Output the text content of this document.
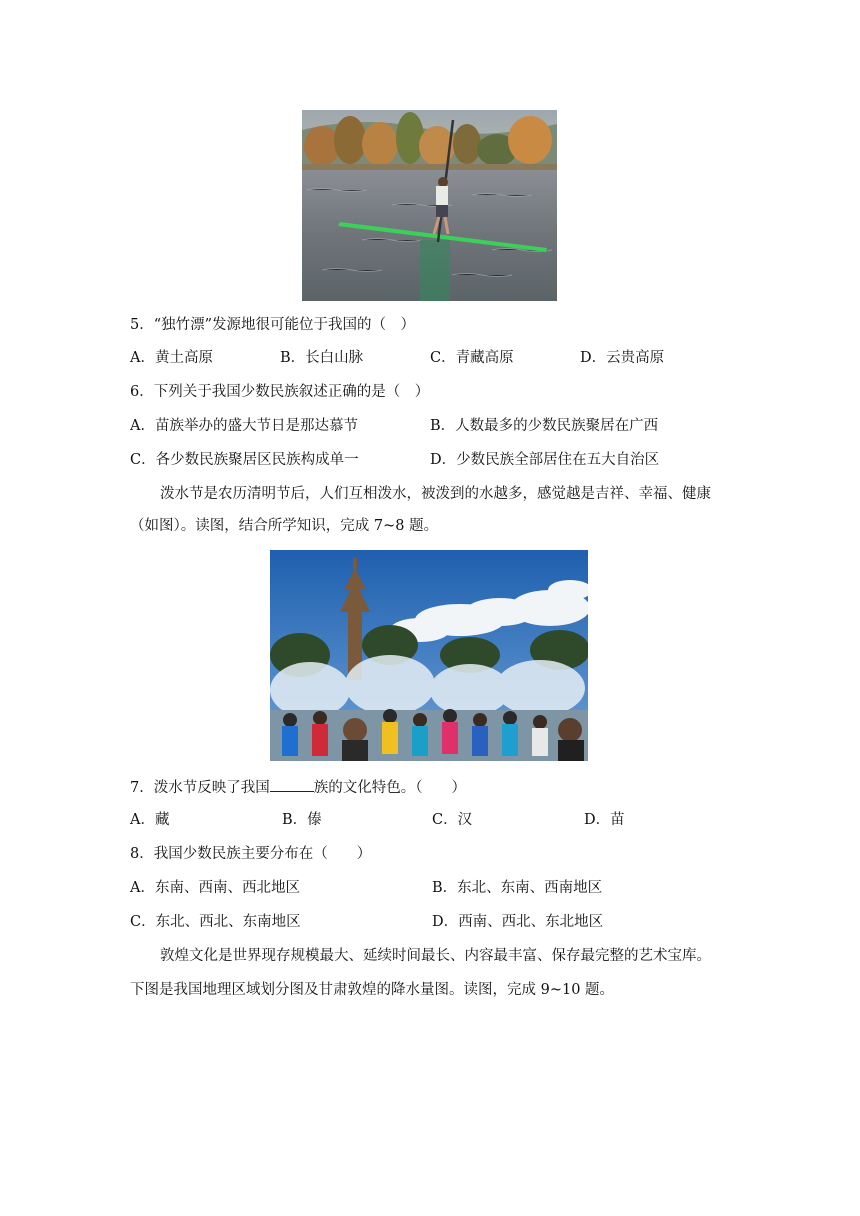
5．“独竹漂”发源地很可能位于我国的（　）
A．黄土高原	B．长白山脉	C．青藏高原	D．云贵高原
6．下列关于我国少数民族叙述正确的是（　）
A．苗族举办的盛大节日是那达慕节	B．人数最多的少数民族聚居在广西
C．各少数民族聚居区民族构成单一	D．少数民族全部居住在五大自治区
泼水节是农历清明节后，人们互相泼水，被泼到的水越多，感觉越是吉祥、幸福、健康
（如图）。读图，结合所学知识，完成 7~8 题。
7．泼水节反映了我国	族的文化特色。（　　）
A．藏	B．傣	C．汉	D．苗
8．我国少数民族主要分布在（　　）
A．东南、西南、西北地区	B．东北、东南、西南地区
C．东北、西北、东南地区	D．西南、西北、东北地区
敦煌文化是世界现存规模最大、延续时间最长、内容最丰富、保存最完整的艺术宝库。
下图是我国地理区域划分图及甘肃敦煌的降水量图。读图，完成 9~10 题。
